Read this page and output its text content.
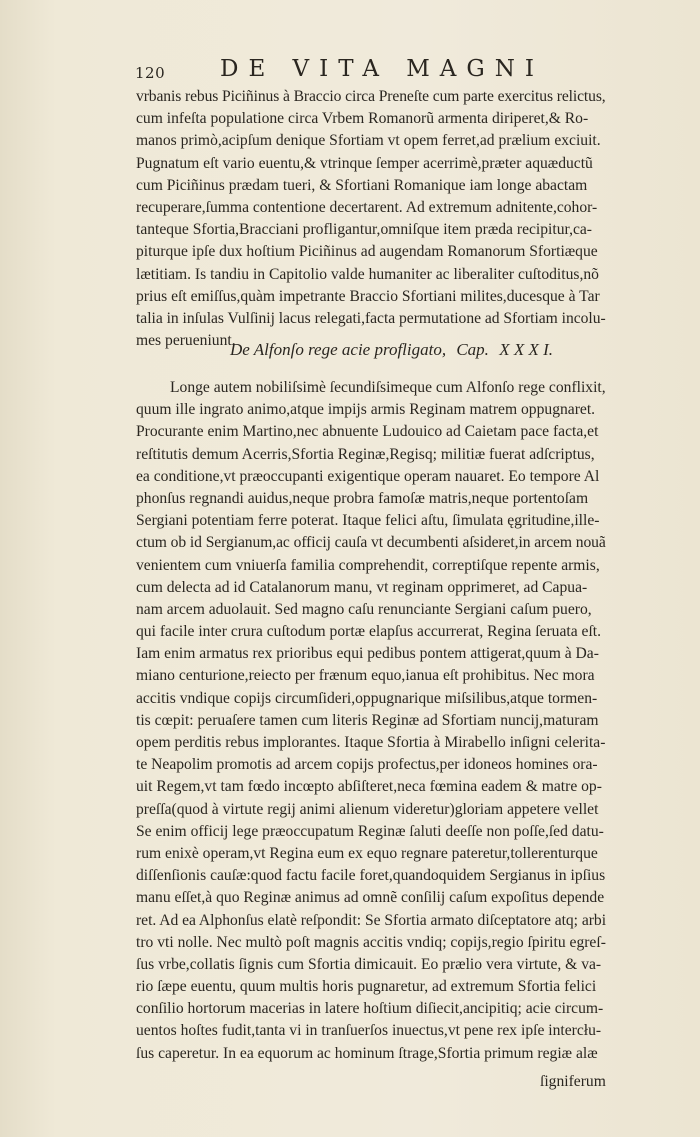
120 DE VITA MAGNI
vrbanis rebus Piciñinus à Braccio circa Preneſte cum parte exercitus relictus,
cum infeſta populatione circa Vrbem Romanorũ armenta diriperet,& Ro-
manos primò,acipſum denique Sfortiam vt opem ferret,ad prælium exciuit.
Pugnatum eſt vario euentu,& vtrinque ſemper acerrimè,præter aquæductũ
cum Piciñinus prædam tueri, & Sfortiani Romanique iam longe abactam
recuperare,ſumma contentione decertarent. Ad extremum adnitente,cohor-
tanteque Sfortia,Bracciani profligantur,omniſque item præda recipitur,ca-
piturque ipſe dux hoſtium Piciñinus ad augendam Romanorum Sfortiæque
lætitiam. Is tandiu in Capitolio valde humaniter ac liberaliter cuſtoditus,nõ
prius eſt emiſſus,quàm impetrante Braccio Sfortiani milites,ducesque à Tar
talia in inſulas Vulſinij lacus relegati,facta permutatione ad Sfortiam incolu-
mes perueniunt.
De Alfonſo rege acie profligato, Cap. X X X I.
Longe autem nobiliſsimè ſecundiſsimeque cum Alfonſo rege conflixit,
quum ille ingrato animo,atque impijs armis Reginam matrem oppugnaret.
Procurante enim Martino,nec abnuente Ludouico ad Caietam pace facta,et
reſtitutis demum Acerris,Sfortia Reginæ,Regisq; militiæ fuerat adſcriptus,
ea conditione,vt præoccupanti exigentique operam nauaret. Eo tempore Al
phonſus regnandi auidus,neque probra famoſæ matris,neque portentoſam
Sergiani potentiam ferre poterat. Itaque felici aſtu, ſimulata ęgritudine,ille-
ctum ob id Sergianum,ac officij cauſa vt decumbenti aſsideret,in arcem nouã
venientem cum vniuerſa familia comprehendit, correptiſque repente armis,
cum delecta ad id Catalanorum manu, vt reginam opprimeret, ad Capua-
nam arcem aduolauit. Sed magno caſu renunciante Sergiani caſum puero,
qui facile inter crura cuſtodum portæ elapſus accurrerat, Regina ſeruata eſt.
Iam enim armatus rex prioribus equi pedibus pontem attigerat,quum à Da-
miano centurione,reiecto per frænum equo,ianua eſt prohibitus. Nec mora
accitis vndique copijs circumſideri,oppugnarique miſsilibus,atque tormen-
tis cœpit: peruaſere tamen cum literis Reginæ ad Sfortiam nuncij,maturam
opem perditis rebus implorantes. Itaque Sfortia à Mirabello inſigni celerita-
te Neapolim promotis ad arcem copijs profectus,per idoneos homines ora-
uit Regem,vt tam fœdo incœpto abſiſteret,neca fœmina eadem & matre op-
preſſa(quod à virtute regij animi alienum videretur)gloriam appetere vellet
Se enim officij lege præoccupatum Reginæ ſaluti deeſſe non poſſe,ſed datu-
rum enixè operam,vt Regina eum ex equo regnare pateretur,tollerenturque
diſſenſionis cauſæ:quod factu facile foret,quandoquidem Sergianus in ipſius
manu eſſet,à quo Reginæ animus ad omnẽ conſilij caſum expoſitus depende
ret. Ad ea Alphonſus elatè reſpondit: Se Sfortia armato diſceptatore atq; arbi
tro vti nolle. Nec multò poſt magnis accitis vndiq; copijs,regio ſpiritu egreſ-
ſus vrbe,collatis ſignis cum Sfortia dimicauit. Eo prælio vera virtute, & va-
rio ſæpe euentu, quum multis horis pugnaretur, ad extremum Sfortia felici
conſilio hortorum macerias in latere hoſtium diſiecit,ancipitiq; acie circum-
uentos hoſtes fudit,tanta vi in tranſuerſos inuectus,vt pene rex ipſe intercłu-
ſus caperetur. In ea equorum ac hominum ſtrage,Sfortia primum regiæ alæ
ſigniferum
